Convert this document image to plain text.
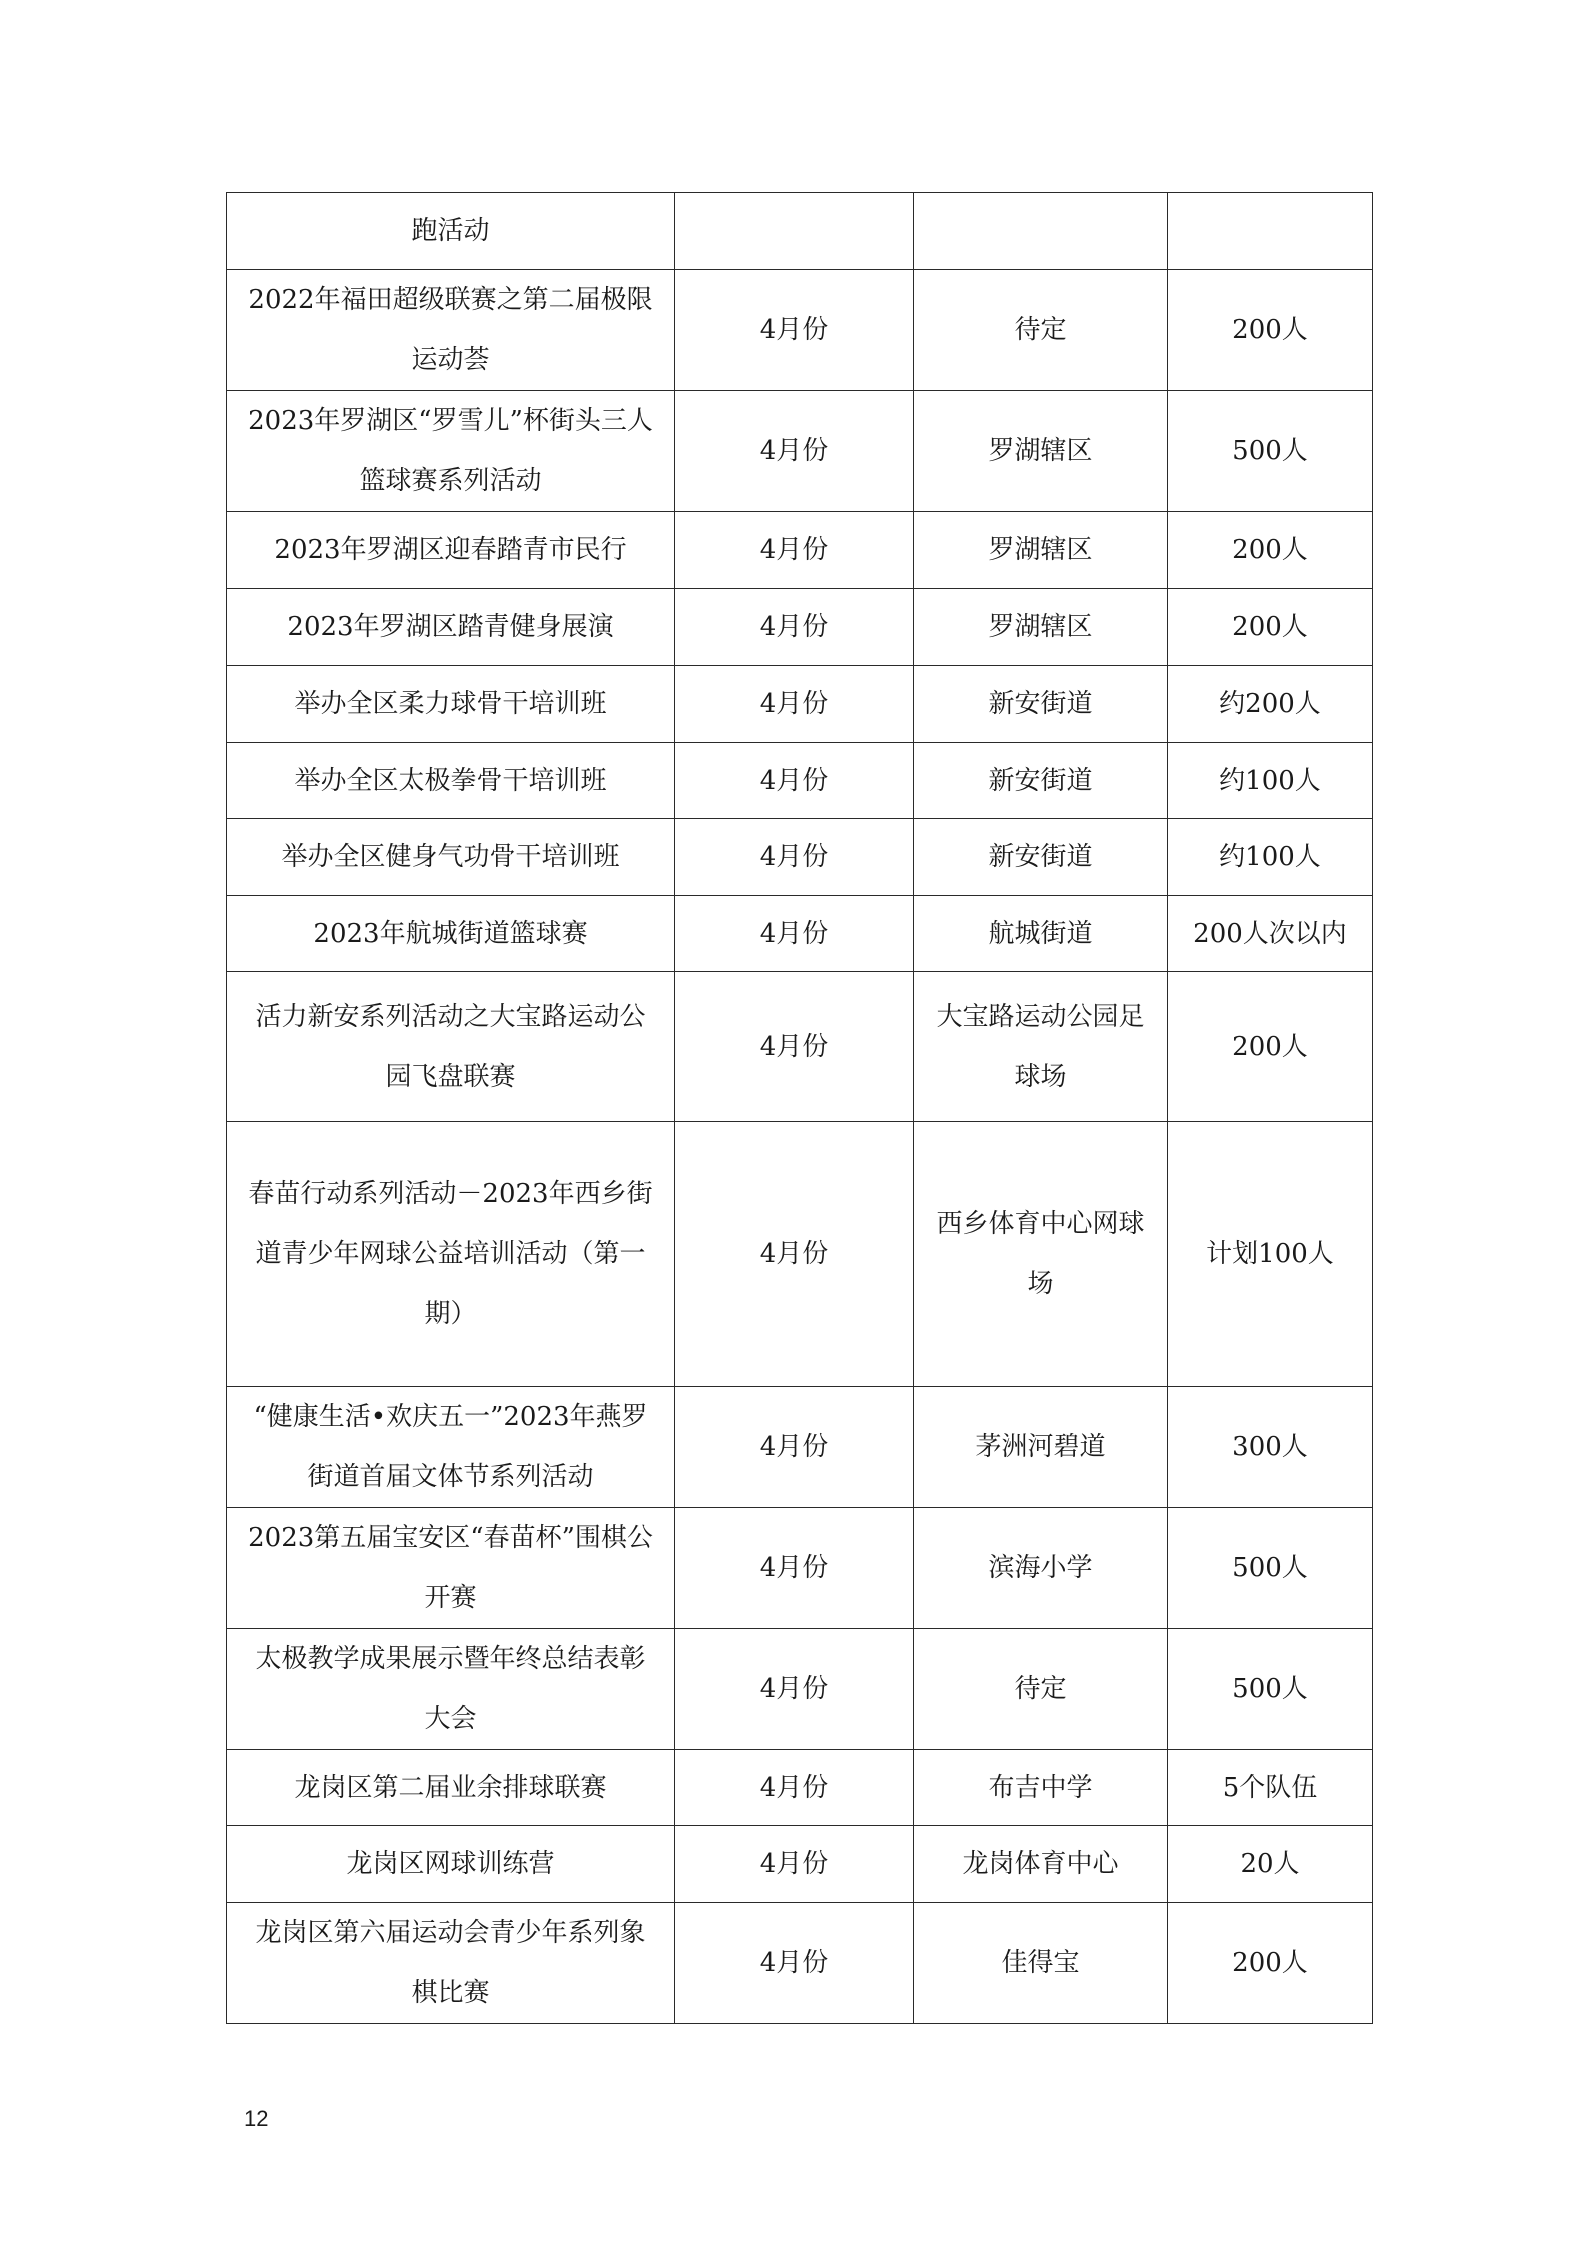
跑活动			
2022年福田超级联赛之第二届极限运动荟	4月份	待定	200人
2023年罗湖区“罗雪儿”杯街头三人篮球赛系列活动	4月份	罗湖辖区	500人
2023年罗湖区迎春踏青市民行	4月份	罗湖辖区	200人
2023年罗湖区踏青健身展演	4月份	罗湖辖区	200人
举办全区柔力球骨干培训班	4月份	新安街道	约200人
举办全区太极拳骨干培训班	4月份	新安街道	约100人
举办全区健身气功骨干培训班	4月份	新安街道	约100人
2023年航城街道篮球赛	4月份	航城街道	200人次以内
活力新安系列活动之大宝路运动公园飞盘联赛	4月份	大宝路运动公园足球场	200人
春苗行动系列活动－2023年西乡街道青少年网球公益培训活动（第一期）	4月份	西乡体育中心网球场	计划100人
“健康生活•欢庆五一”2023年燕罗街道首届文体节系列活动	4月份	茅洲河碧道	300人
2023第五届宝安区“春苗杯”围棋公开赛	4月份	滨海小学	500人
太极教学成果展示暨年终总结表彰大会	4月份	待定	500人
龙岗区第二届业余排球联赛	4月份	布吉中学	5个队伍
龙岗区网球训练营	4月份	龙岗体育中心	20人
龙岗区第六届运动会青少年系列象棋比赛	4月份	佳得宝	200人
12
